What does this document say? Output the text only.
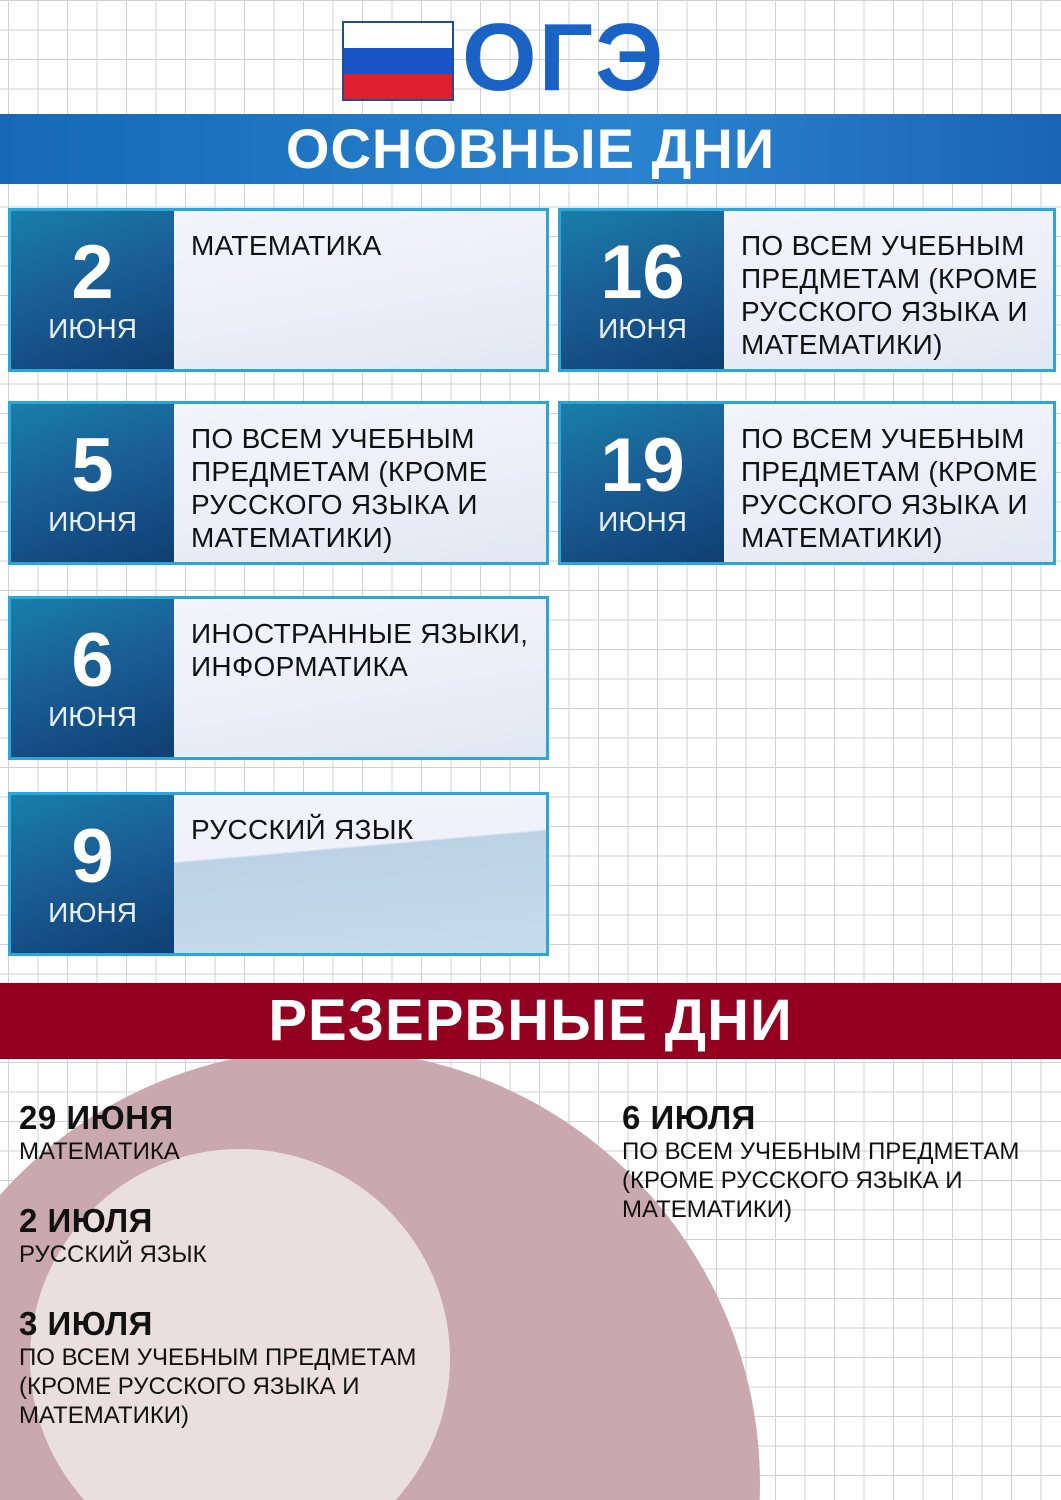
ОГЭ
ОСНОВНЫЕ ДНИ
2
ИЮНЯ
МАТЕМАТИКА
5
ИЮНЯ
ПО ВСЕМ УЧЕБНЫМ ПРЕДМЕТАМ (КРОМЕ РУССКОГО ЯЗЫКА И МАТЕМАТИКИ)
6
ИЮНЯ
ИНОСТРАННЫЕ ЯЗЫКИ, ИНФОРМАТИКА
9
ИЮНЯ
РУССКИЙ ЯЗЫК
16
ИЮНЯ
ПО ВСЕМ УЧЕБНЫМ ПРЕДМЕТАМ (КРОМЕ РУССКОГО ЯЗЫКА И МАТЕМАТИКИ)
19
ИЮНЯ
ПО ВСЕМ УЧЕБНЫМ ПРЕДМЕТАМ (КРОМЕ РУССКОГО ЯЗЫКА И МАТЕМАТИКИ)
РЕЗЕРВНЫЕ ДНИ
29 ИЮНЯ
МАТЕМАТИКА
2 ИЮЛЯ
РУССКИЙ ЯЗЫК
3 ИЮЛЯ
ПО ВСЕМ УЧЕБНЫМ ПРЕДМЕТАМ (КРОМЕ РУССКОГО ЯЗЫКА И МАТЕМАТИКИ)
6 ИЮЛЯ
ПО ВСЕМ УЧЕБНЫМ ПРЕДМЕТАМ (КРОМЕ РУССКОГО ЯЗЫКА И МАТЕМАТИКИ)
